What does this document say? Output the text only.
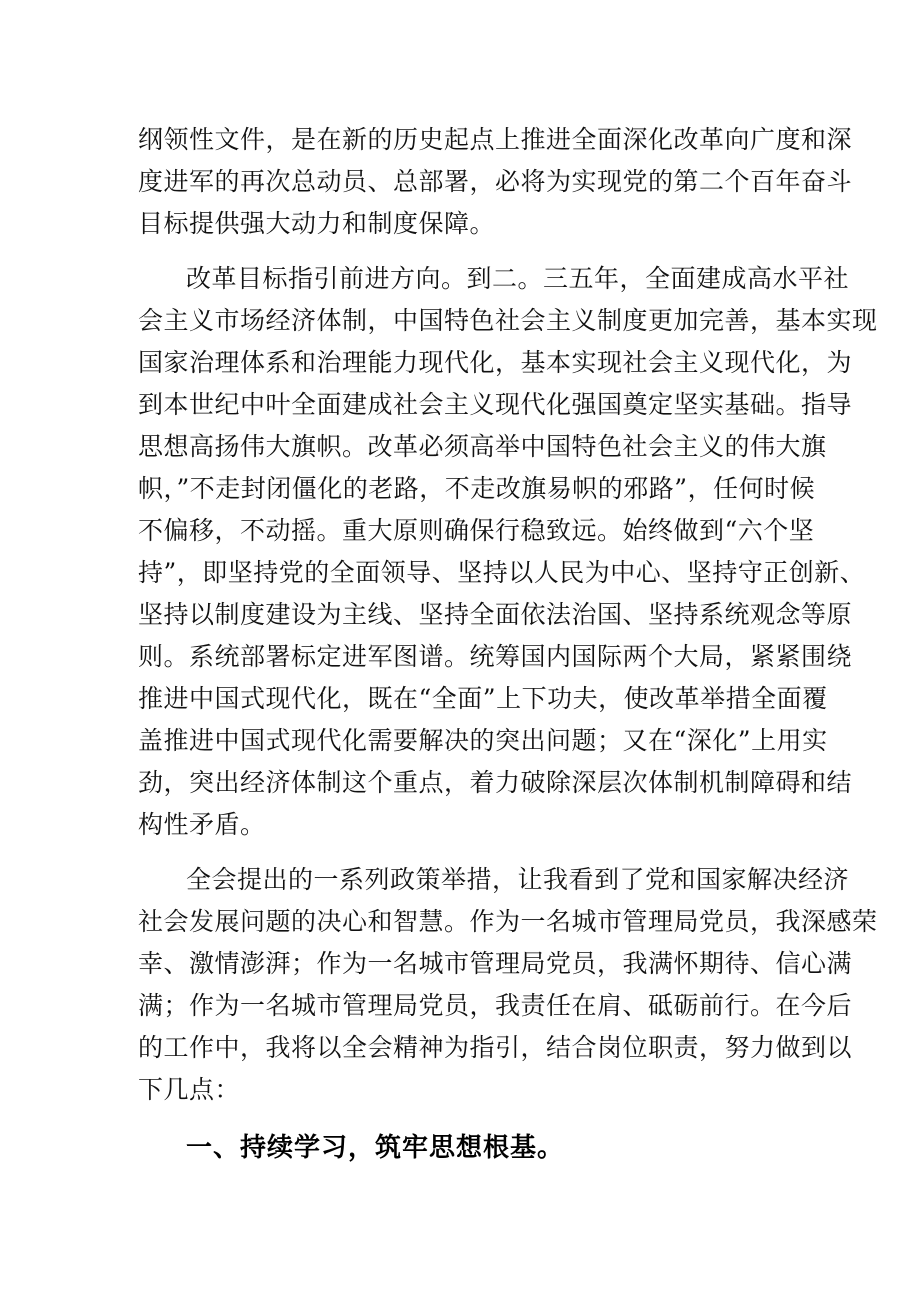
纲领性文件，是在新的历史起点上推进全面深化改革向广度和深

度进军的再次总动员、总部署，必将为实现党的第二个百年奋斗

目标提供强大动力和制度保障。

改革目标指引前进方向。到二。三五年，全面建成高水平社

会主义市场经济体制，中国特色社会主义制度更加完善，基本实现

国家治理体系和治理能力现代化，基本实现社会主义现代化，为

到本世纪中叶全面建成社会主义现代化强国奠定坚实基础。指导

思想高扬伟大旗帜。改革必须高举中国特色社会主义的伟大旗

帜，”不走封闭僵化的老路，不走改旗易帜的邪路”，任何时候

不偏移，不动摇。重大原则确保行稳致远。始终做到“六个坚

持”，即坚持党的全面领导、坚持以人民为中心、坚持守正创新、

坚持以制度建设为主线、坚持全面依法治国、坚持系统观念等原

则。系统部署标定进军图谱。统筹国内国际两个大局，紧紧围绕

推进中国式现代化，既在“全面”上下功夫，使改革举措全面覆

盖推进中国式现代化需要解决的突出问题；又在“深化”上用实

劲，突出经济体制这个重点，着力破除深层次体制机制障碍和结

构性矛盾。

全会提出的一系列政策举措，让我看到了党和国家解决经济

社会发展问题的决心和智慧。作为一名城市管理局党员，我深感荣

幸、激情澎湃；作为一名城市管理局党员，我满怀期待、信心满

满；作为一名城市管理局党员，我责任在肩、砥砺前行。在今后

的工作中，我将以全会精神为指引，结合岗位职责，努力做到以

下几点：

一、持续学习，筑牢思想根基。
